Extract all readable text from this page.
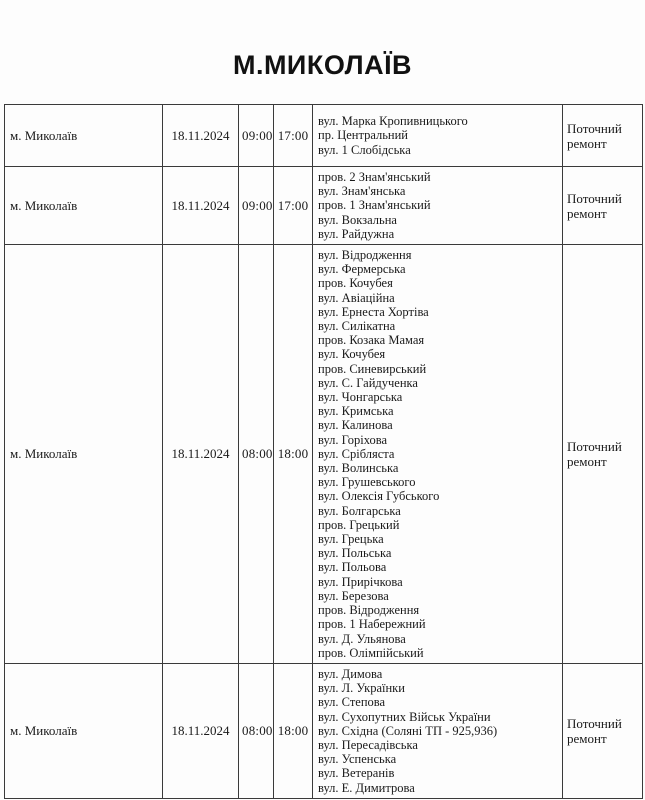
М.МИКОЛАЇВ
м. Миколаїв	18.11.2024	09:00	17:00	вул. Марка Кропивницького
пр. Центральний
вул. 1 Слобідська	Поточний ремонт
м. Миколаїв	18.11.2024	09:00	17:00	пров. 2 Знам'янський
вул. Знам'янська
пров. 1 Знам'янський
вул. Вокзальна
вул. Райдужна	Поточний ремонт
м. Миколаїв	18.11.2024	08:00	18:00	
вул. Відродження
вул. Фермерська
пров. Кочубея
вул. Авіаційна
вул. Ернеста Хортіва
вул. Силікатна
пров. Козака Мамая
вул. Кочубея
пров. Синевирський
вул. С. Гайдученка
вул. Чонгарська
вул. Кримська
вул. Калинова
вул. Горіхова
вул. Срібляста
вул. Волинська
вул. Грушевського
вул. Олексія Губського
вул. Болгарська
пров. Грецький
вул. Грецька
вул. Польська
вул. Польова
вул. Прирічкова
вул. Березова
пров. Відродження
пров. 1 Набережний
вул. Д. Ульянова
пров. Олімпійський
	Поточний ремонт
м. Миколаїв	18.11.2024	08:00	18:00	
вул. Димова
вул. Л. Українки
вул. Степова
вул. Сухопутних Військ України
вул. Східна (Соляні ТП - 925,936)
вул. Пересадівська
вул. Успенська
вул. Ветеранів
вул. Е. Димитрова
	Поточний ремонт
